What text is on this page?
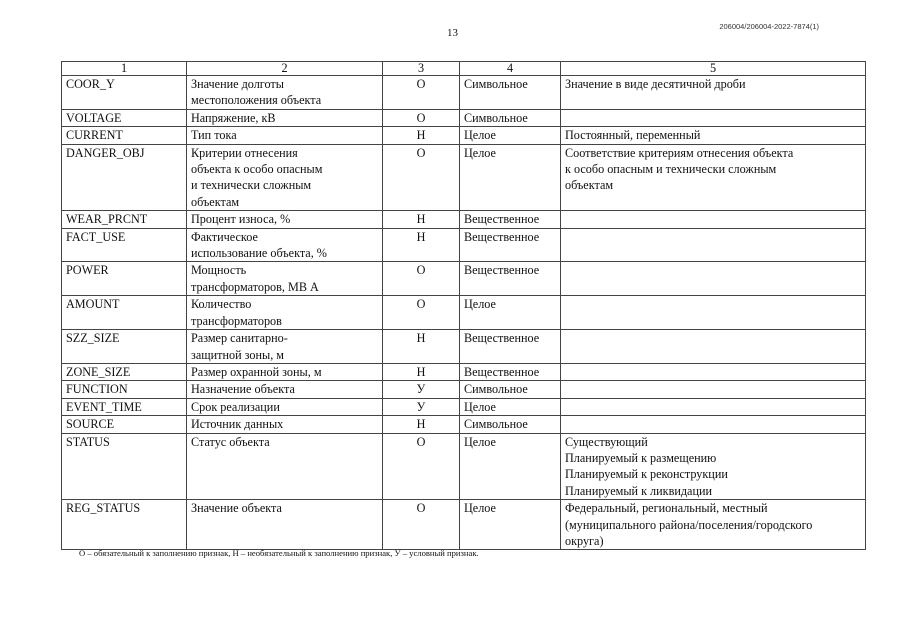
13
206004/206004-2022-7874(1)
1	2	3	4	5
COOR_Y	Значение долготы
местоположения объекта	О	Символьное	Значение в виде десятичной дроби

VOLTAGE	Напряжение, кВ	О	Символьное	
CURRENT	Тип тока	Н	Целое	Постоянный, переменный

DANGER_OBJ	Критерии отнесения
объекта к особо опасным
и технически сложным
объектам	О	Целое	Соответствие критериям отнесения объекта
к особо опасным и технически сложным
объектам

WEAR_PRCNT	Процент износа, %	Н	Вещественное	
FACT_USE	Фактическое
использование объекта, %	Н	Вещественное	
POWER	Мощность
трансформаторов, МВ А	О	Вещественное	
AMOUNT	Количество
трансформаторов	О	Целое	
SZZ_SIZE	Размер санитарно-
защитной зоны, м	Н	Вещественное	
ZONE_SIZE	Размер охранной зоны, м	Н	Вещественное	
FUNCTION	Назначение объекта	У	Символьное	
EVENT_TIME	Срок реализации	У	Целое	
SOURCE	Источник данных	Н	Символьное	
STATUS	Статус объекта	О	Целое	Существующий
Планируемый к размещению
Планируемый к реконструкции
Планируемый к ликвидации

REG_STATUS	Значение объекта	О	Целое	Федеральный, региональный, местный
(муниципального района/поселения/городского
округа)
О – обязательный к заполнению признак, Н – необязательный к заполнению признак, У – условный признак.
